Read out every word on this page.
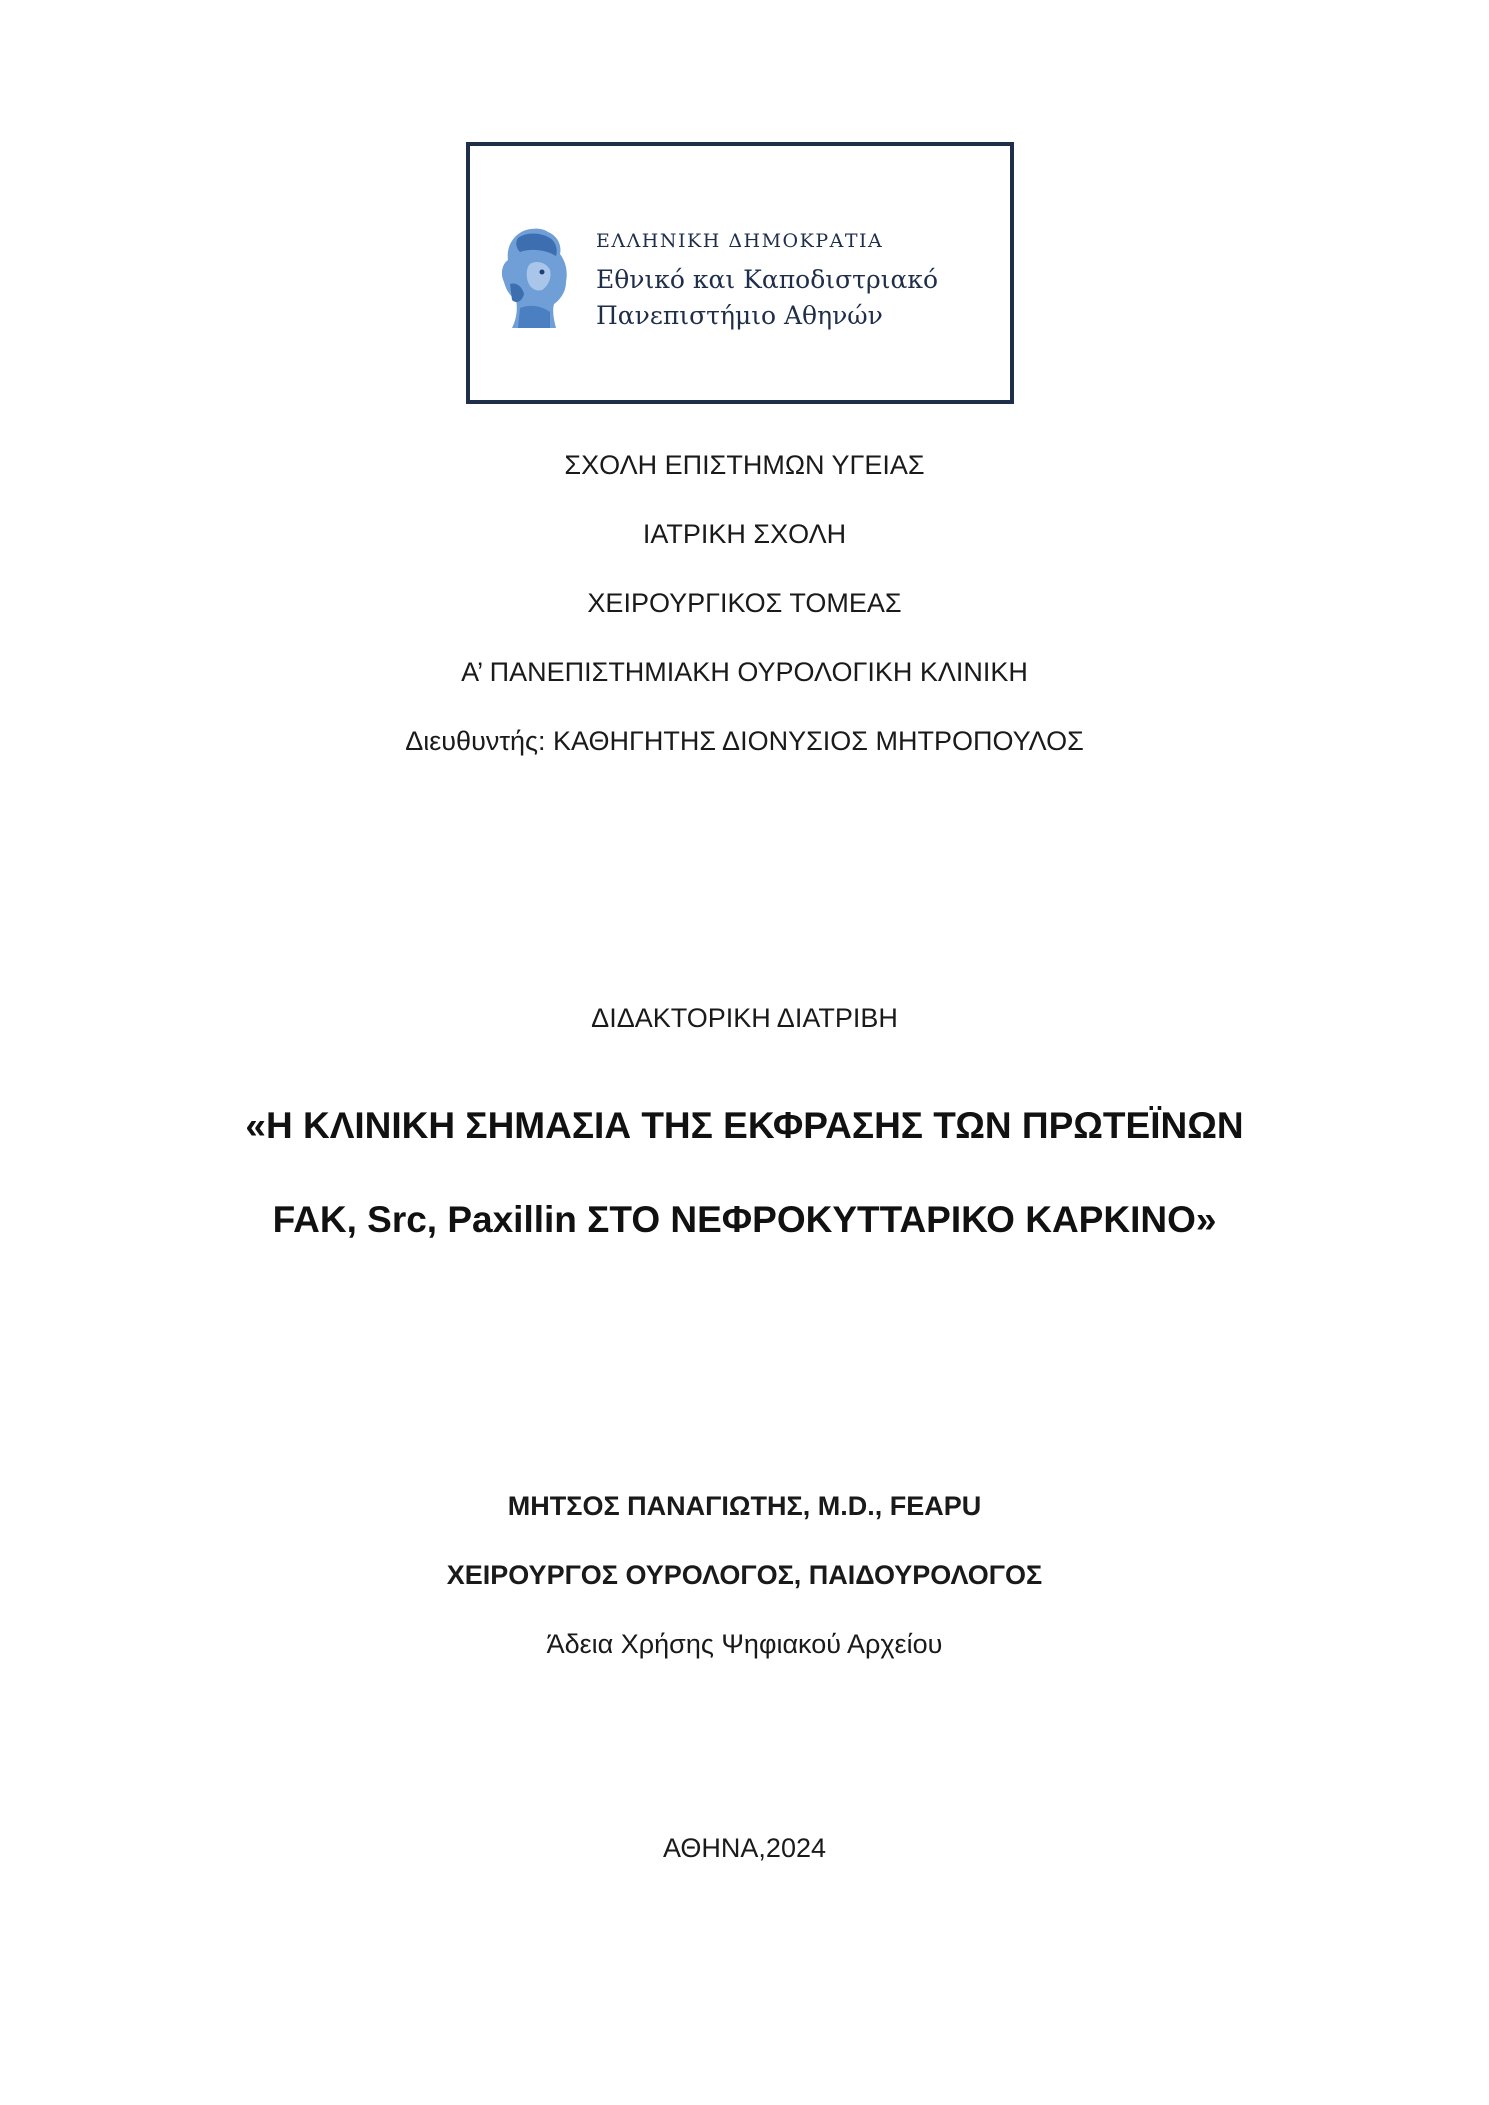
ΕΛΛΗΝΙΚΗ ΔΗΜΟΚΡΑΤΙΑ
Εθνικό και Καποδιστριακό
Πανεπιστήμιο Αθηνών
ΣΧΟΛΗ ΕΠΙΣΤΗΜΩΝ ΥΓΕΙΑΣ
ΙΑΤΡΙΚΗ ΣΧΟΛΗ
ΧΕΙΡΟΥΡΓΙΚΟΣ ΤΟΜΕΑΣ
Α’ ΠΑΝΕΠΙΣΤΗΜΙΑΚΗ ΟΥΡΟΛΟΓΙΚΗ ΚΛΙΝΙΚΗ
Διευθυντής: ΚΑΘΗΓΗΤΗΣ ΔΙΟΝΥΣΙΟΣ ΜΗΤΡΟΠΟΥΛΟΣ
ΔΙΔΑΚΤΟΡΙΚΗ ΔΙΑΤΡΙΒΗ
«Η ΚΛΙΝΙΚΗ ΣΗΜΑΣΙΑ ΤΗΣ ΕΚΦΡΑΣΗΣ ΤΩΝ ΠΡΩΤΕΪΝΩΝ
FAK, Src, Paxillin ΣΤΟ ΝΕΦΡΟΚΥΤΤΑΡΙΚΟ ΚΑΡΚΙΝΟ»
ΜΗΤΣΟΣ ΠΑΝΑΓΙΩΤΗΣ, M.D., FEAPU
ΧΕΙΡΟΥΡΓΟΣ ΟΥΡΟΛΟΓΟΣ, ΠΑΙΔΟΥΡΟΛΟΓΟΣ
Άδεια Χρήσης Ψηφιακού Αρχείου
ΑΘΗΝΑ,2024
